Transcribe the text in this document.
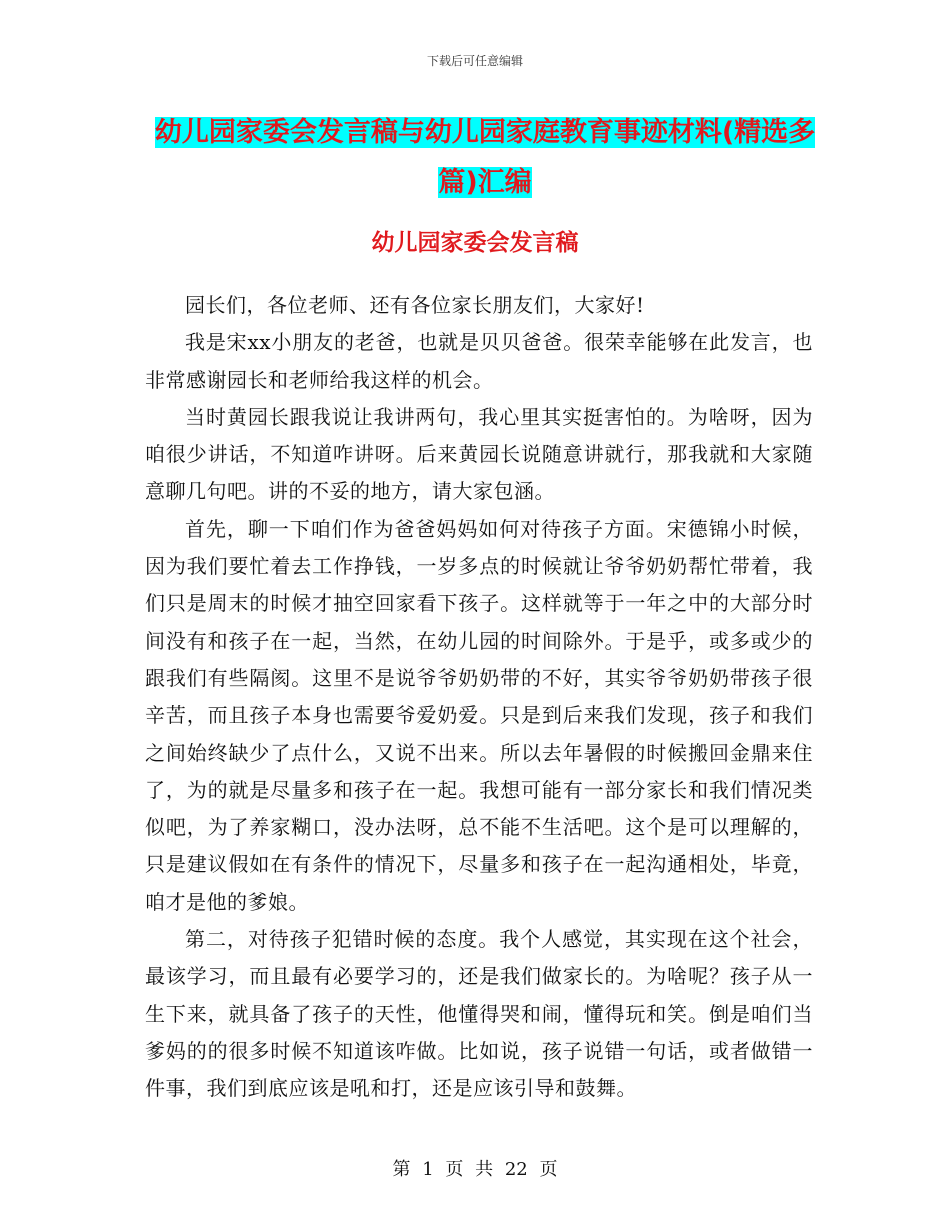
下载后可任意编辑
幼儿园家委会发言稿与幼儿园家庭教育事迹材料(精选多篇)汇编
幼儿园家委会发言稿

园长们，各位老师、还有各位家长朋友们，大家好!

我是宋xx小朋友的老爸，也就是贝贝爸爸。很荣幸能够在此发言，也非常感谢园长和老师给我这样的机会。

当时黄园长跟我说让我讲两句，我心里其实挺害怕的。为啥呀，因为咱很少讲话，不知道咋讲呀。后来黄园长说随意讲就行，那我就和大家随意聊几句吧。讲的不妥的地方，请大家包涵。

首先，聊一下咱们作为爸爸妈妈如何对待孩子方面。宋德锦小时候，因为我们要忙着去工作挣钱，一岁多点的时候就让爷爷奶奶帮忙带着，我们只是周末的时候才抽空回家看下孩子。这样就等于一年之中的大部分时间没有和孩子在一起，当然，在幼儿园的时间除外。于是乎，或多或少的跟我们有些隔阂。这里不是说爷爷奶奶带的不好，其实爷爷奶奶带孩子很辛苦，而且孩子本身也需要爷爱奶爱。只是到后来我们发现，孩子和我们之间始终缺少了点什么，又说不出来。所以去年暑假的时候搬回金鼎来住了，为的就是尽量多和孩子在一起。我想可能有一部分家长和我们情况类似吧，为了养家糊口，没办法呀，总不能不生活吧。这个是可以理解的，只是建议假如在有条件的情况下，尽量多和孩子在一起沟通相处，毕竟，咱才是他的爹娘。

第二，对待孩子犯错时候的态度。我个人感觉，其实现在这个社会，最该学习，而且最有必要学习的，还是我们做家长的。为啥呢？孩子从一生下来，就具备了孩子的天性，他懂得哭和闹，懂得玩和笑。倒是咱们当爹妈的的很多时候不知道该咋做。比如说，孩子说错一句话，或者做错一件事，我们到底应该是吼和打，还是应该引导和鼓舞。

第 1 页 共 22 页
